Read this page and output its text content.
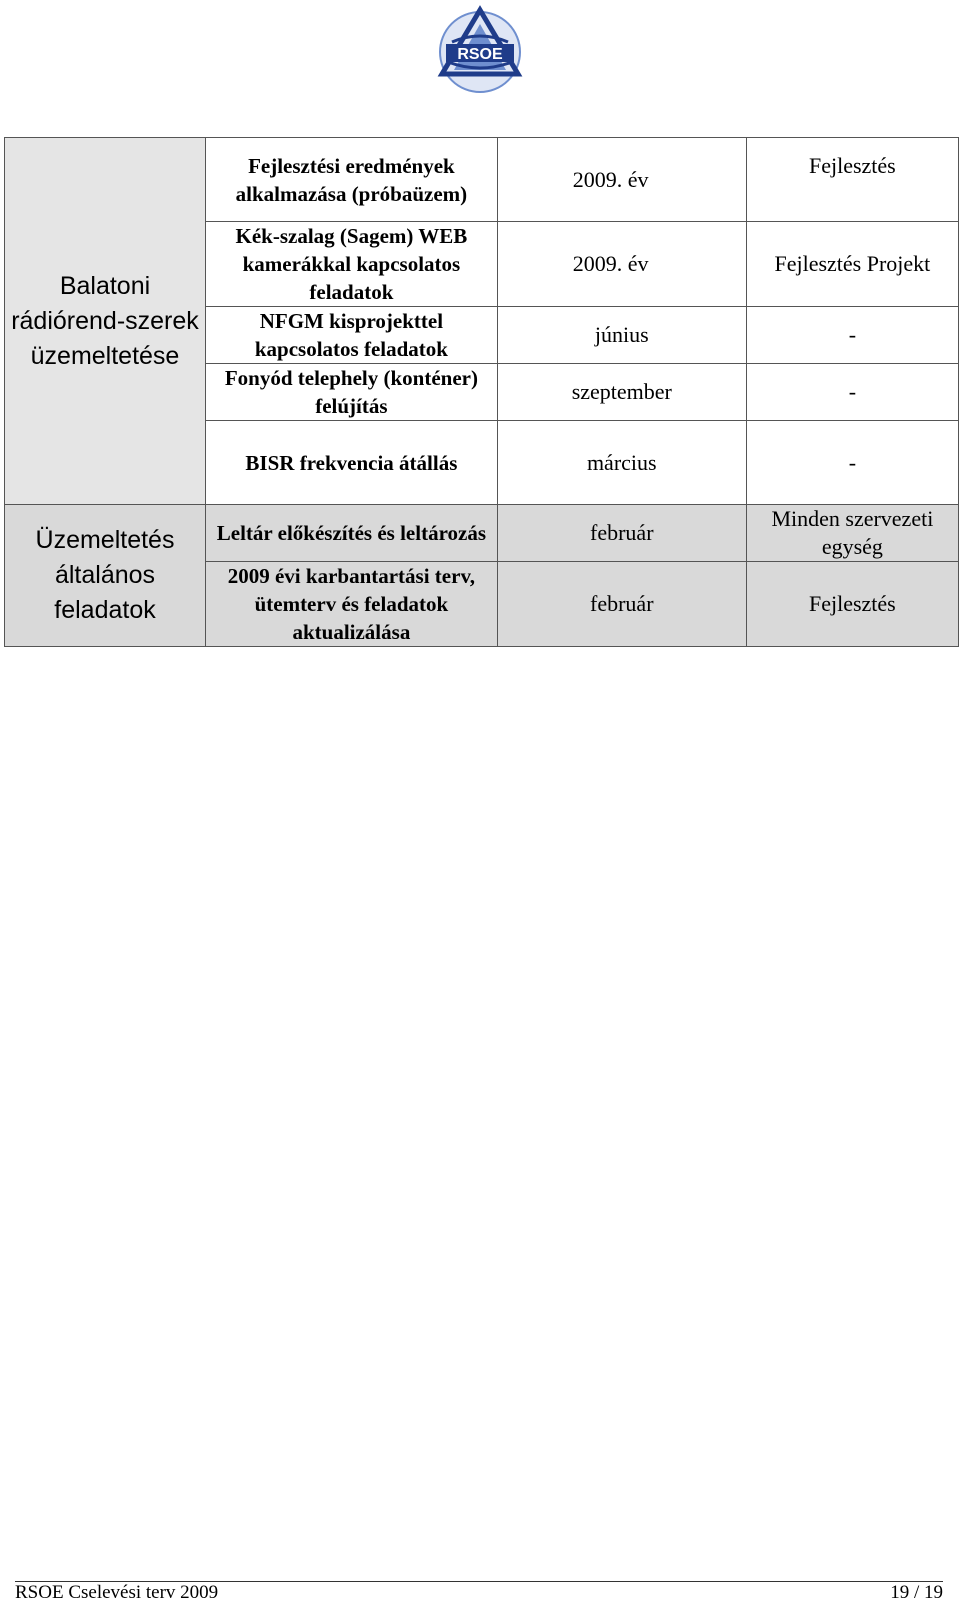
RSOE
Balatoni rádiórend-szerek üzemeltetése	Fejlesztési eredmények alkalmazása (próbaüzem)	2009. év	Fejlesztés
	Kék-szalag (Sagem) WEB kamerákkal kapcsolatos feladatok	2009. év	Fejlesztés Projekt
	NFGM kisprojekttel kapcsolatos feladatok	június	-
	Fonyód telephely (konténer) felújítás	szeptember	-
	BISR frekvencia átállás	március	-
Üzemeltetés általános feladatok	Leltár előkészítés és leltározás	február	Minden szervezeti egység
	2009 évi karbantartási terv, ütemterv és feladatok aktualizálása	február	Fejlesztés
RSOE Cselevési terv 2009	19 / 19
